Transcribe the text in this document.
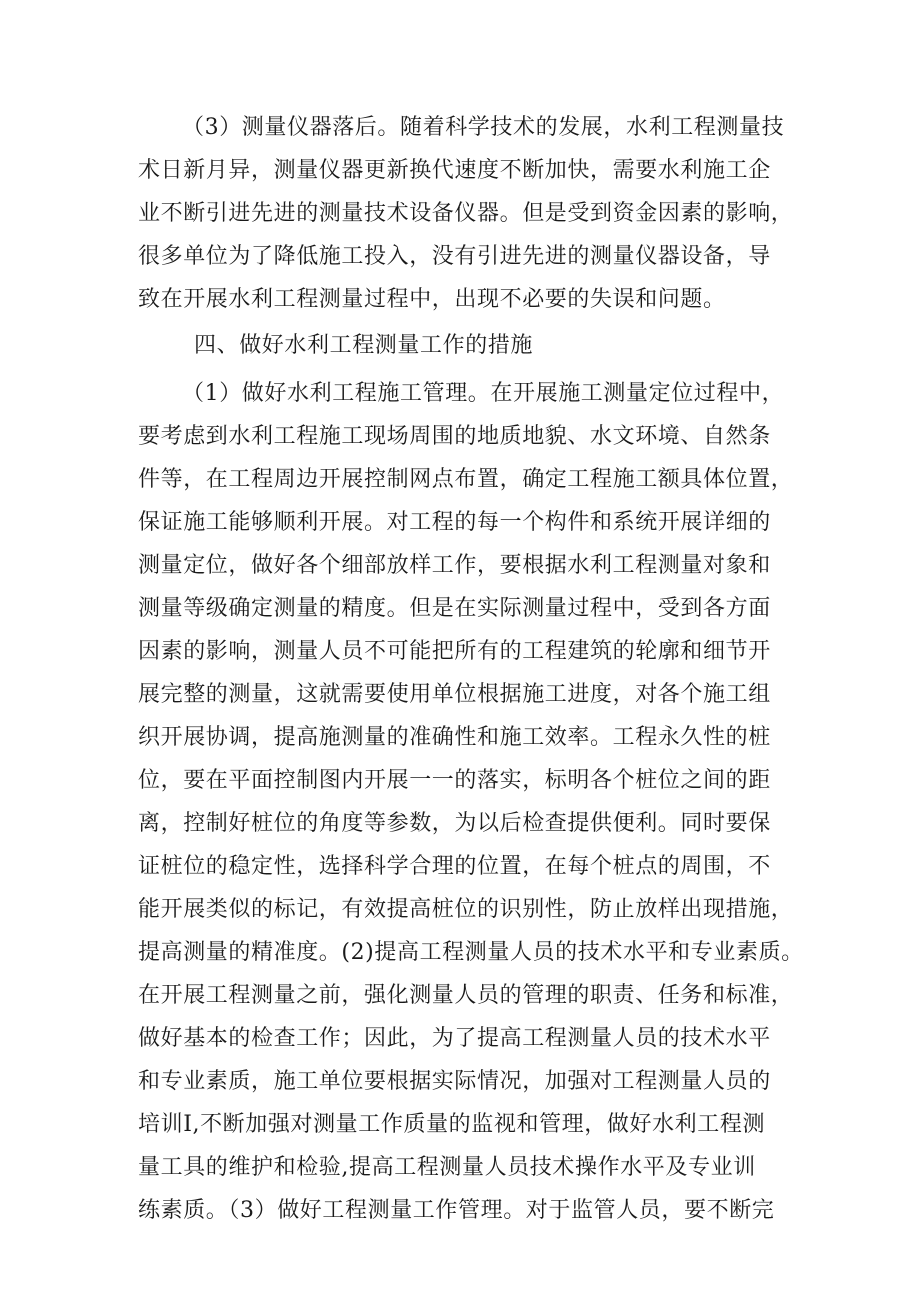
（3）测量仪器落后。随着科学技术的发展，水利工程测量技
术日新月异，测量仪器更新换代速度不断加快，需要水利施工企
业不断引进先进的测量技术设备仪器。但是受到资金因素的影响，
很多单位为了降低施工投入，没有引进先进的测量仪器设备，导
致在开展水利工程测量过程中，出现不必要的失误和问题。
四、做好水利工程测量工作的措施
（1）做好水利工程施工管理。在开展施工测量定位过程中，
要考虑到水利工程施工现场周围的地质地貌、水文环境、自然条
件等，在工程周边开展控制网点布置，确定工程施工额具体位置，
保证施工能够顺利开展。对工程的每一个构件和系统开展详细的
测量定位，做好各个细部放样工作，要根据水利工程测量对象和
测量等级确定测量的精度。但是在实际测量过程中，受到各方面
因素的影响，测量人员不可能把所有的工程建筑的轮廓和细节开
展完整的测量，这就需要使用单位根据施工进度，对各个施工组
织开展协调，提高施测量的准确性和施工效率。工程永久性的桩
位，要在平面控制图内开展一一的落实，标明各个桩位之间的距
离，控制好桩位的角度等参数，为以后检查提供便利。同时要保
证桩位的稳定性，选择科学合理的位置，在每个桩点的周围，不
能开展类似的标记，有效提高桩位的识别性，防止放样出现措施，
提高测量的精准度。(2)提高工程测量人员的技术水平和专业素质。
在开展工程测量之前，强化测量人员的管理的职责、任务和标准，
做好基本的检查工作；因此，为了提高工程测量人员的技术水平
和专业素质，施工单位要根据实际情况，加强对工程测量人员的
培训I,不断加强对测量工作质量的监视和管理，做好水利工程测
量工具的维护和检验,提高工程测量人员技术操作水平及专业训
练素质。（3）做好工程测量工作管理。对于监管人员，要不断完
